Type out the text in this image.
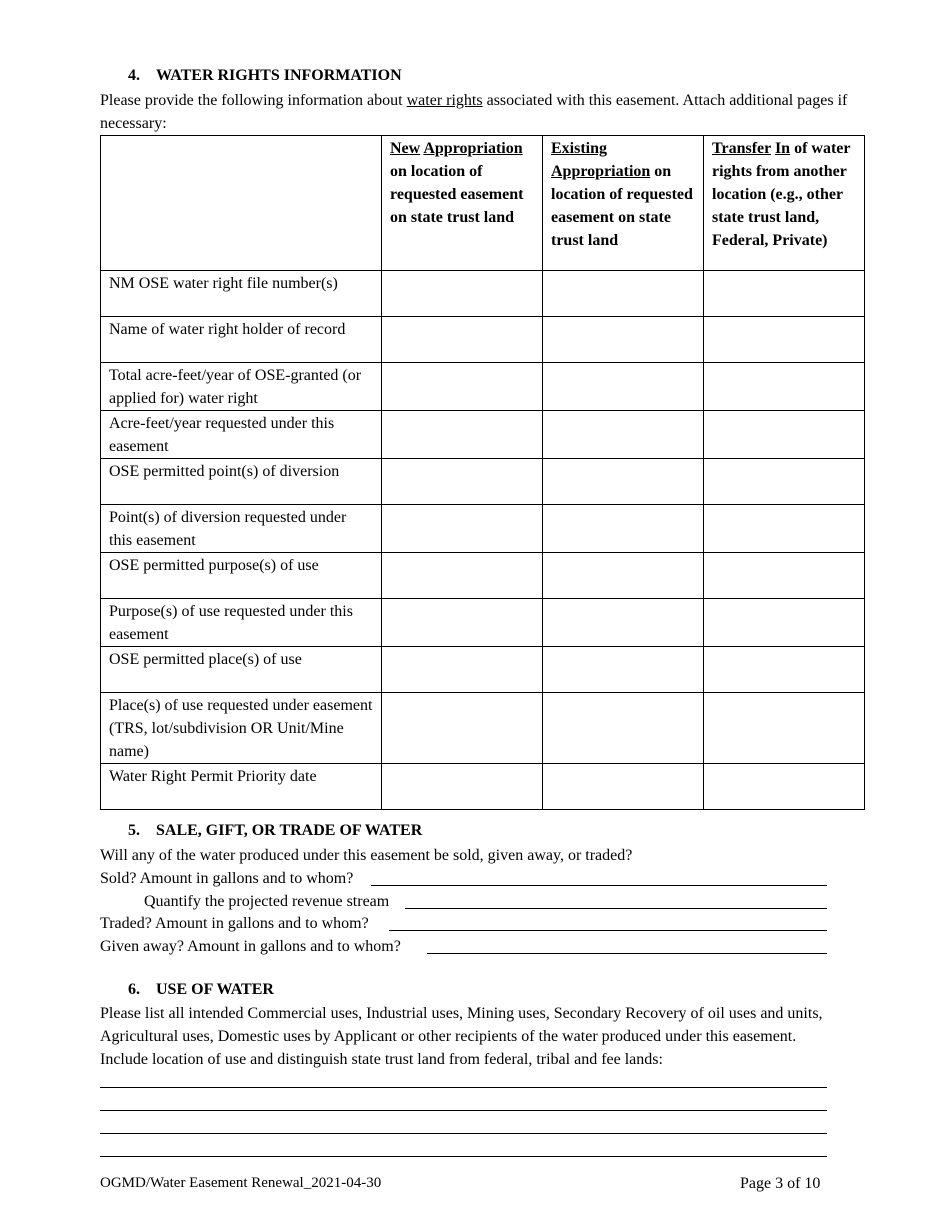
4. WATER RIGHTS INFORMATION
Please provide the following information about water rights associated with this easement. Attach additional pages if necessary:
	New Appropriation on location of requested easement on state trust land	Existing Appropriation on location of requested easement on state trust land	Transfer In of water rights from another location (e.g., other state trust land, Federal, Private)
NM OSE water right file number(s)			
Name of water right holder of record			
Total acre-feet/year of OSE-granted (or applied for) water right			
Acre-feet/year requested under this easement			
OSE permitted point(s) of diversion			
Point(s) of diversion requested under this easement			
OSE permitted purpose(s) of use			
Purpose(s) of use requested under this easement			
OSE permitted place(s) of use			
Place(s) of use requested under easement (TRS, lot/subdivision OR Unit/Mine name)			
Water Right Permit Priority date			
5. SALE, GIFT, OR TRADE OF WATER
Will any of the water produced under this easement be sold, given away, or traded?
Sold? Amount in gallons and to whom?
Quantify the projected revenue stream
Traded? Amount in gallons and to whom?
Given away? Amount in gallons and to whom?
6. USE OF WATER
Please list all intended Commercial uses, Industrial uses, Mining uses, Secondary Recovery of oil uses and units, Agricultural uses, Domestic uses by Applicant or other recipients of the water produced under this easement. Include location of use and distinguish state trust land from federal, tribal and fee lands:
OGMD/Water Easement Renewal_2021-04-30	Page 3 of 10
